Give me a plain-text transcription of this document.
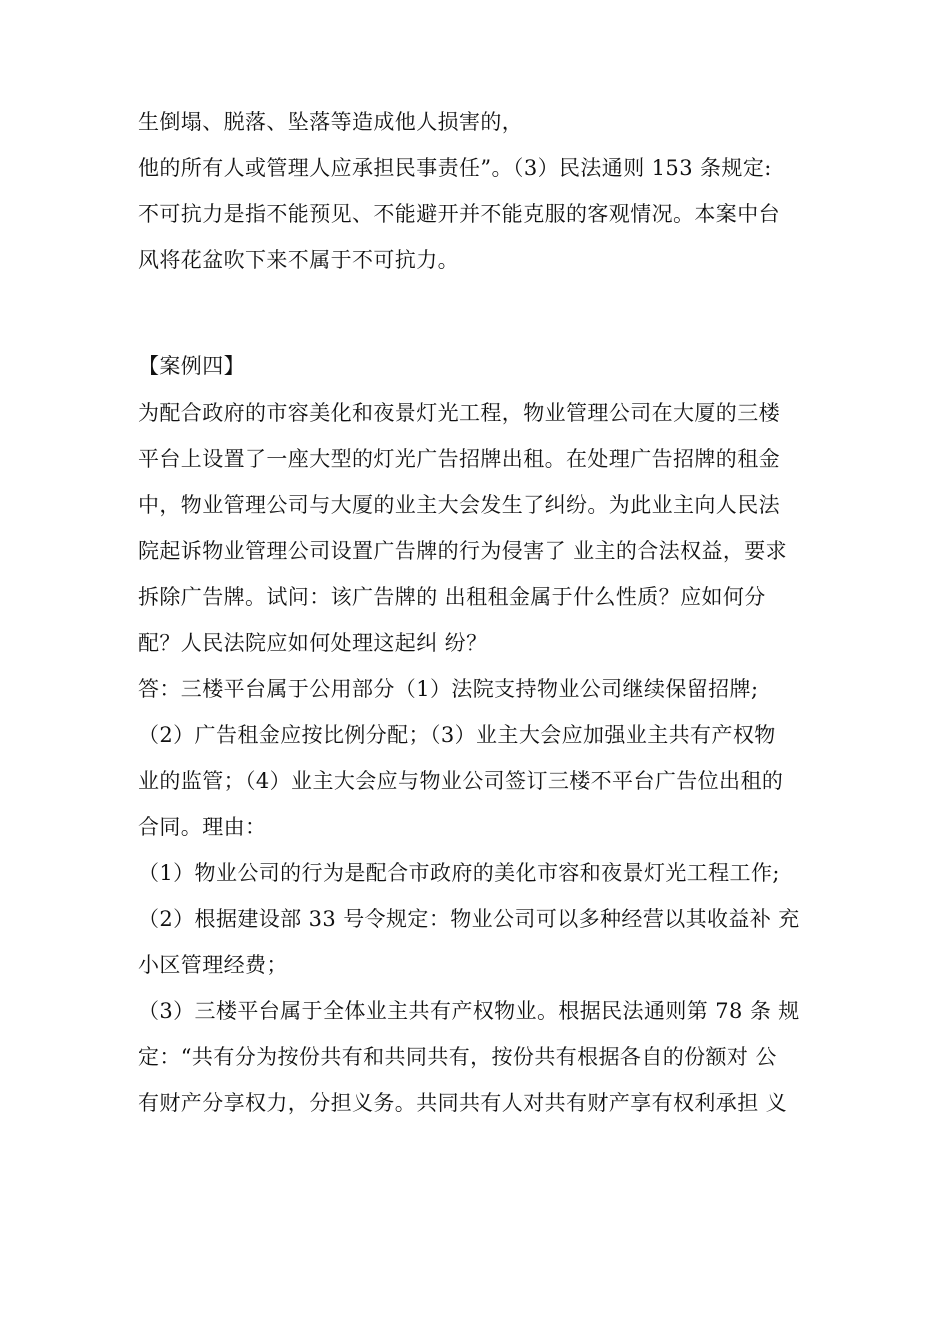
生倒塌、脱落、坠落等造成他人损害的，
他的所有人或管理人应承担民事责任”。（3）民法通则 153 条规定:
不可抗力是指不能预见、不能避开并不能克服的客观情况。本案中台
风将花盆吹下来不属于不可抗力。
【案例四】
为配合政府的市容美化和夜景灯光工程，物业管理公司在大厦的三楼
平台上设置了一座大型的灯光广告招牌出租。在处理广告招牌的租金
中，物业管理公司与大厦的业主大会发生了纠纷。为此业主向人民法
院起诉物业管理公司设置广告牌的行为侵害了 业主的合法权益，要求
拆除广告牌。试问：该广告牌的 出租租金属于什么性质？应如何分
配？人民法院应如何处理这起纠 纷？
答：三楼平台属于公用部分（1）法院支持物业公司继续保留招牌;
（2）广告租金应按比例分配；（3）业主大会应加强业主共有产权物
业的监管；（4）业主大会应与物业公司签订三楼不平台广告位出租的
合同。理由：
（1）物业公司的行为是配合市政府的美化市容和夜景灯光工程工作;
（2）根据建设部 33 号令规定：物业公司可以多种经营以其收益补 充
小区管理经费；
（3）三楼平台属于全体业主共有产权物业。根据民法通则第 78 条 规
定：“共有分为按份共有和共同共有，按份共有根据各自的份额对 公
有财产分享权力，分担义务。共同共有人对共有财产享有权利承担 义
